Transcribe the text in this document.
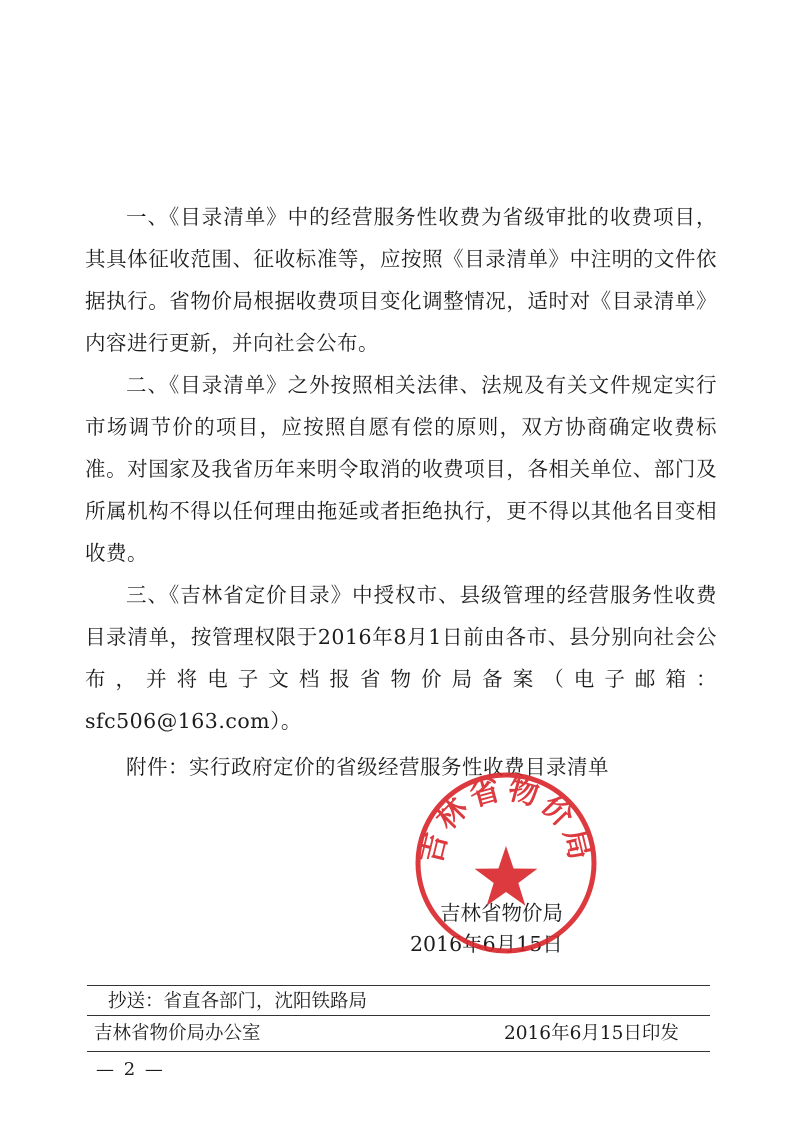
一、《目录清单》中的经营服务性收费为省级审批的收费项目，其具体征收范围、征收标准等，应按照《目录清单》中注明的文件依据执行。省物价局根据收费项目变化调整情况，适时对《目录清单》内容进行更新，并向社会公布。

二、《目录清单》之外按照相关法律、法规及有关文件规定实行市场调节价的项目，应按照自愿有偿的原则，双方协商确定收费标准。对国家及我省历年来明令取消的收费项目，各相关单位、部门及所属机构不得以任何理由拖延或者拒绝执行，更不得以其他名目变相收费。

三、《吉林省定价目录》中授权市、县级管理的经营服务性收费目录清单，按管理权限于2016年8月1日前由各市、县分别向社会公布，并将电子文档报省物价局备案（电子邮箱：sfc506@163.com）。

附件：实行政府定价的省级经营服务性收费目录清单
吉林省物价局
2016年6月15日
吉林省物价局
抄送：省直各部门，沈阳铁路局
吉林省物价局办公室	2016年6月15日印发
— 2 —
